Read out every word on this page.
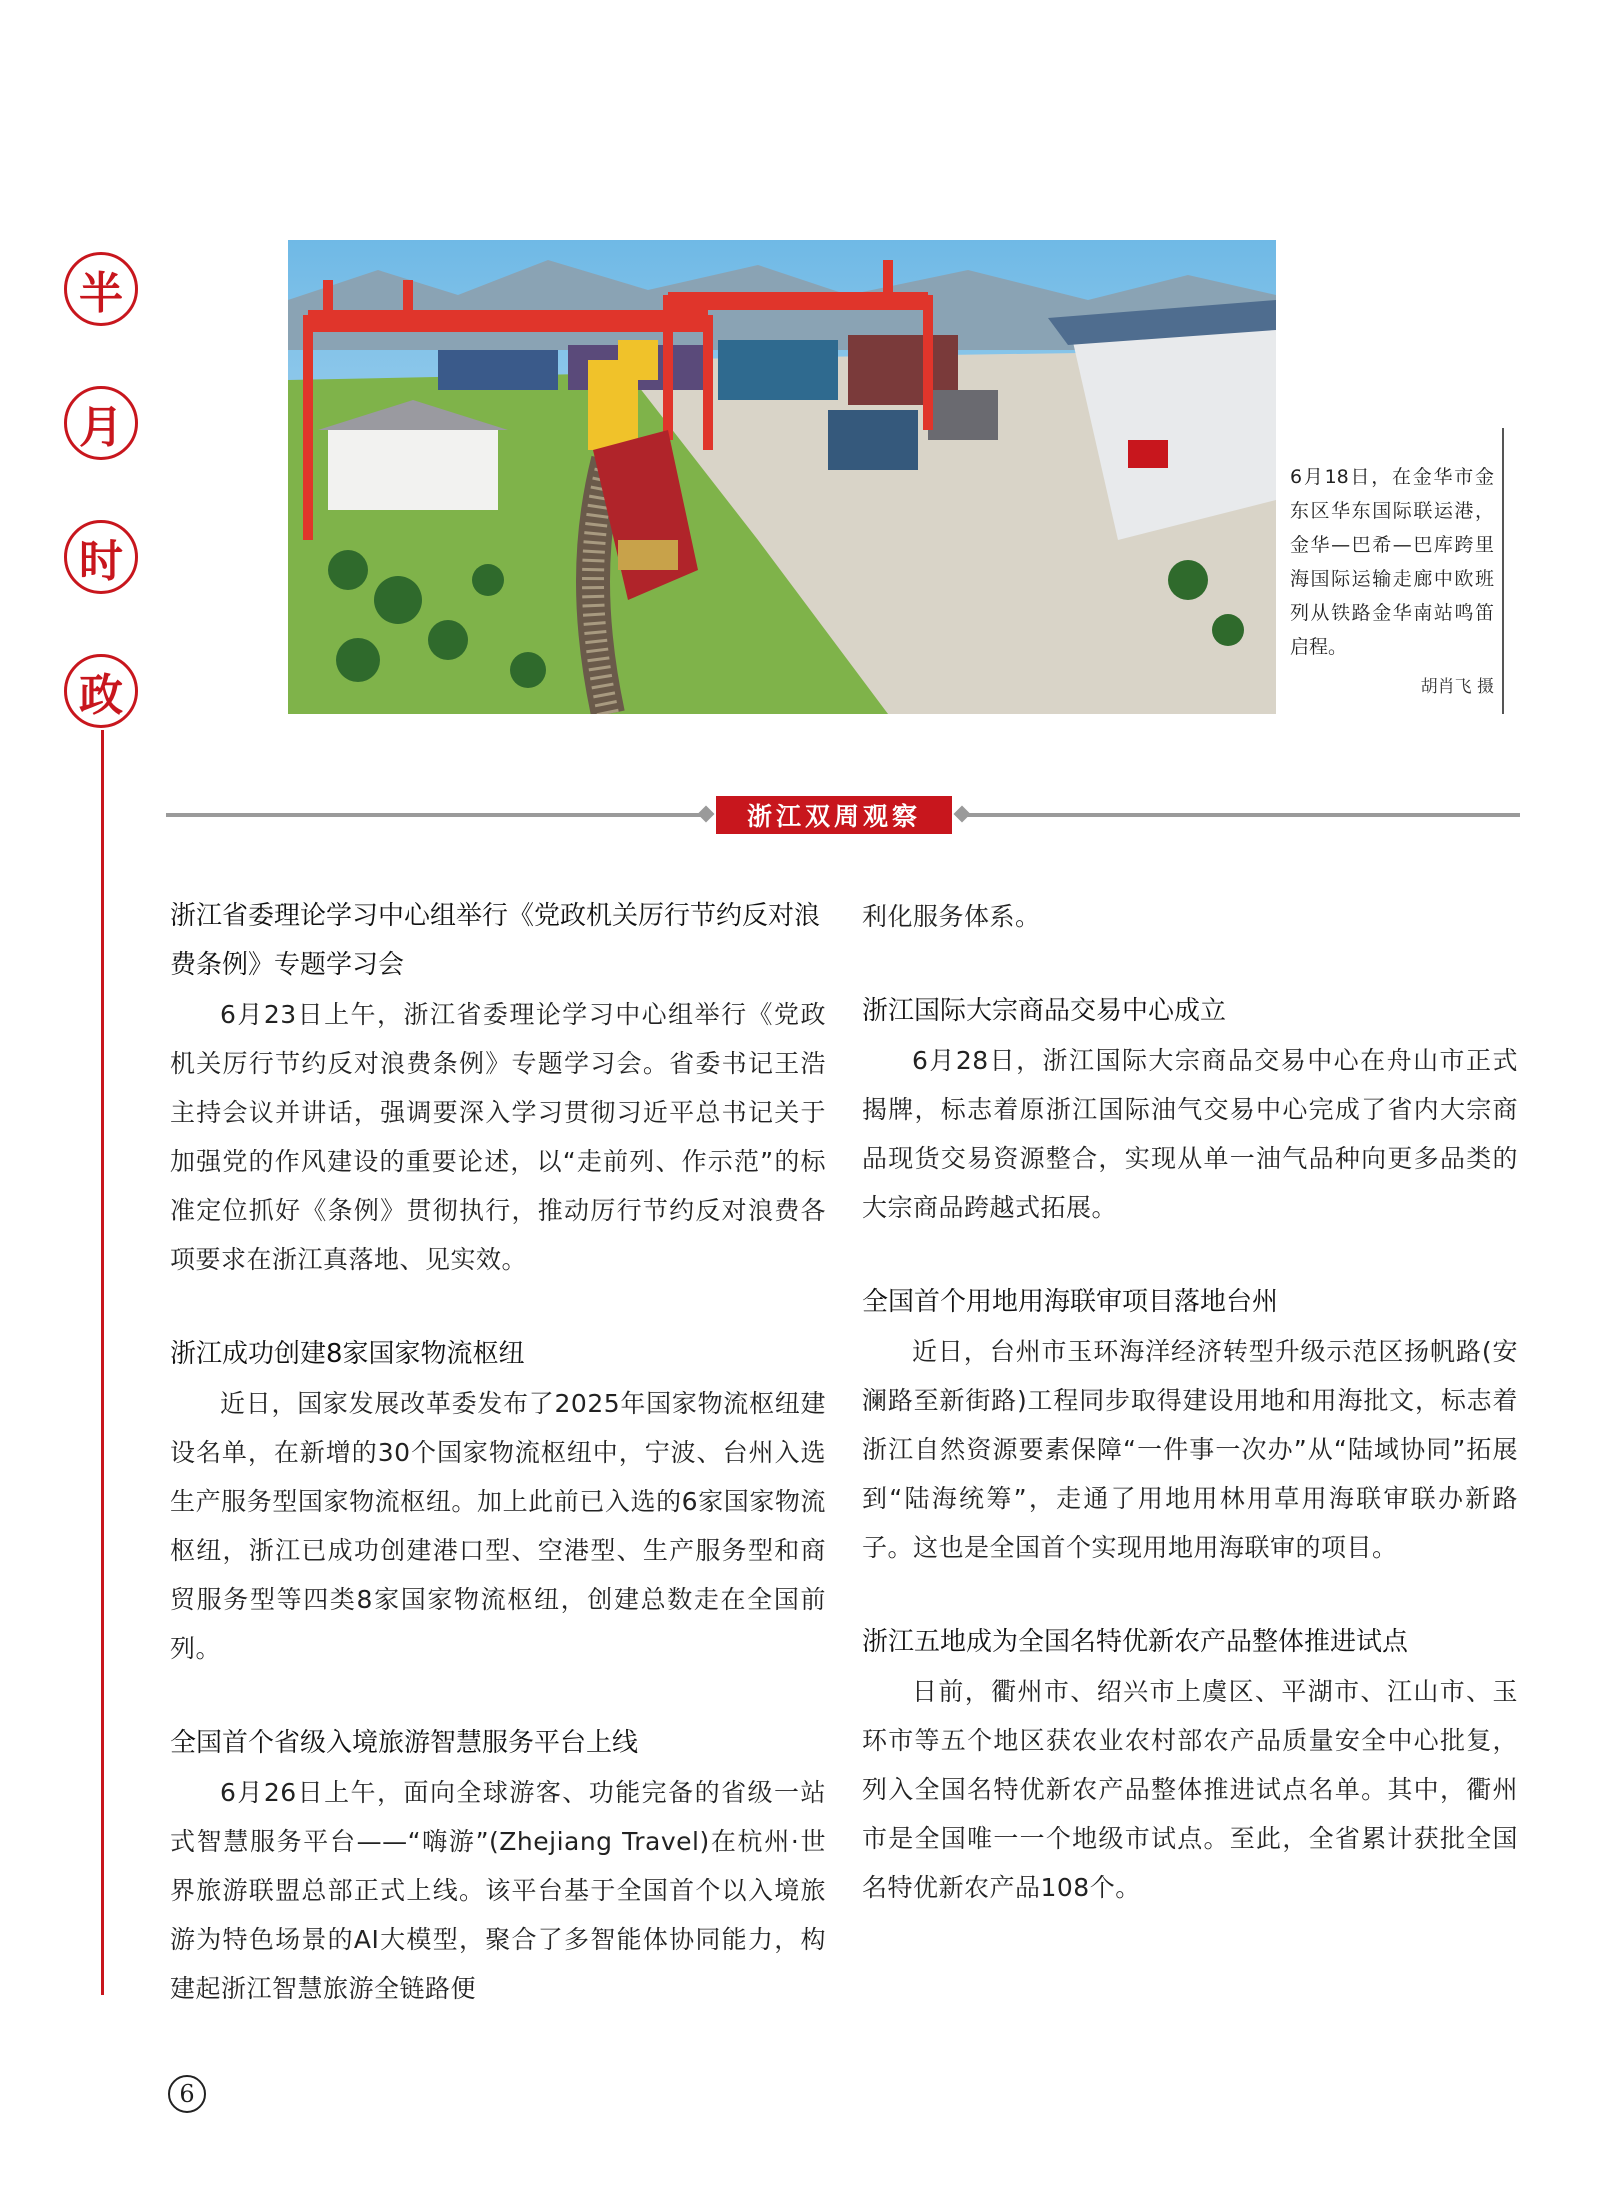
半
月
时
政
6月18日，在金华市金东区华东国际联运港，金华—巴希—巴库跨里海国际运输走廊中欧班列从铁路金华南站鸣笛启程。
胡肖飞 摄
浙江双周观察
浙江省委理论学习中心组举行《党政机关厉行节约反对浪费条例》专题学习会

6月23日上午，浙江省委理论学习中心组举行《党政机关厉行节约反对浪费条例》专题学习会。省委书记王浩主持会议并讲话，强调要深入学习贯彻习近平总书记关于加强党的作风建设的重要论述，以“走前列、作示范”的标准定位抓好《条例》贯彻执行，推动厉行节约反对浪费各项要求在浙江真落地、见实效。

浙江成功创建8家国家物流枢纽

近日，国家发展改革委发布了2025年国家物流枢纽建设名单，在新增的30个国家物流枢纽中，宁波、台州入选生产服务型国家物流枢纽。加上此前已入选的6家国家物流枢纽，浙江已成功创建港口型、空港型、生产服务型和商贸服务型等四类8家国家物流枢纽，创建总数走在全国前列。

全国首个省级入境旅游智慧服务平台上线

6月26日上午，面向全球游客、功能完备的省级一站式智慧服务平台——“嗨游”(Zhejiang Travel)在杭州·世界旅游联盟总部正式上线。该平台基于全国首个以入境旅游为特色场景的AI大模型，聚合了多智能体协同能力，构建起浙江智慧旅游全链路便

利化服务体系。

浙江国际大宗商品交易中心成立

6月28日，浙江国际大宗商品交易中心在舟山市正式揭牌，标志着原浙江国际油气交易中心完成了省内大宗商品现货交易资源整合，实现从单一油气品种向更多品类的大宗商品跨越式拓展。

全国首个用地用海联审项目落地台州

近日，台州市玉环海洋经济转型升级示范区扬帆路(安澜路至新街路)工程同步取得建设用地和用海批文，标志着浙江自然资源要素保障“一件事一次办”从“陆域协同”拓展到“陆海统筹”，走通了用地用林用草用海联审联办新路子。这也是全国首个实现用地用海联审的项目。

浙江五地成为全国名特优新农产品整体推进试点

日前，衢州市、绍兴市上虞区、平湖市、江山市、玉环市等五个地区获农业农村部农产品质量安全中心批复，列入全国名特优新农产品整体推进试点名单。其中，衢州市是全国唯一一个地级市试点。至此，全省累计获批全国名特优新农产品108个。

6
